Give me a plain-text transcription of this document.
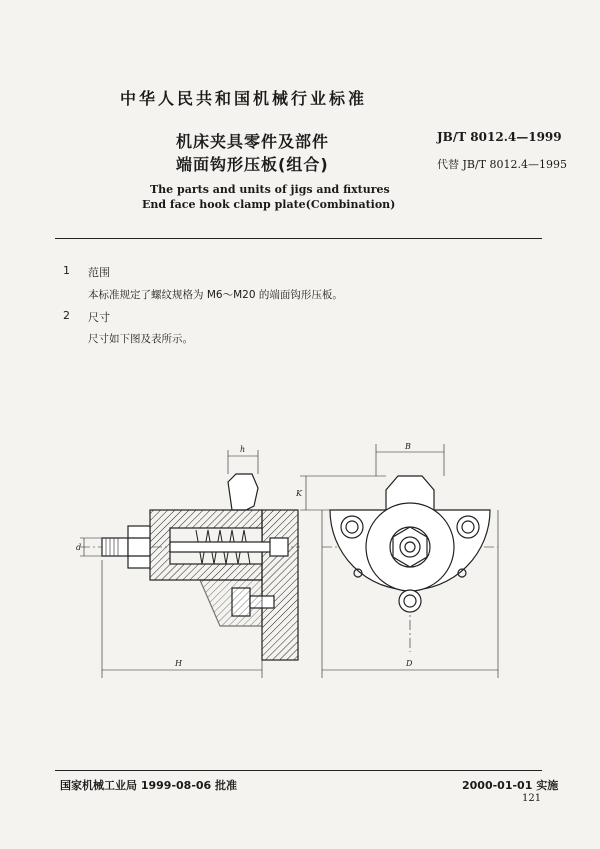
中华人民共和国机械行业标准
机床夹具零件及部件
端面钩形压板(组合)
JB/T 8012.4—1999
代替 JB/T 8012.4—1995
The parts and units of jigs and fixtures
End face hook clamp plate(Combination)
1 范围
本标准规定了螺纹规格为 M6～M20 的端面钩形压板。
2 尺寸
尺寸如下图及表所示。
h
d
H
B
K
D
国家机械工业局 1999-08-06 批准	2000-01-01 实施
121
